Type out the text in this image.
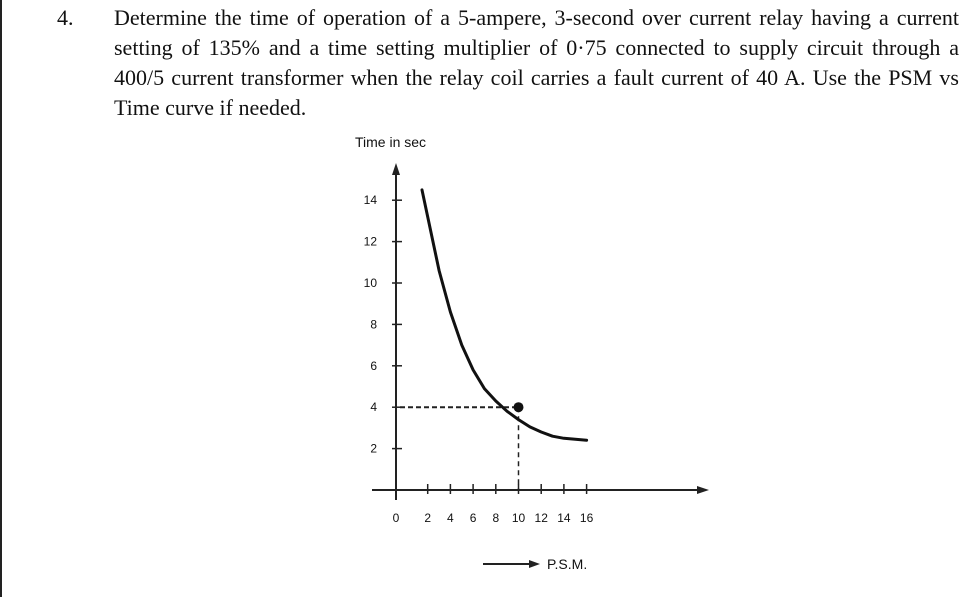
4. Determine the time of operation of a 5-ampere, 3-second over current relay having a current setting of 135% and a time setting multiplier of 0·75 connected to supply circuit through a 400/5 current transformer when the relay coil carries a fault current of 40 A. Use the PSM vs Time curve if needed.
2
4
6
8
10
12
14
2 4 6 8 10 12 14 16
Time in sec
P.S.M.
0
